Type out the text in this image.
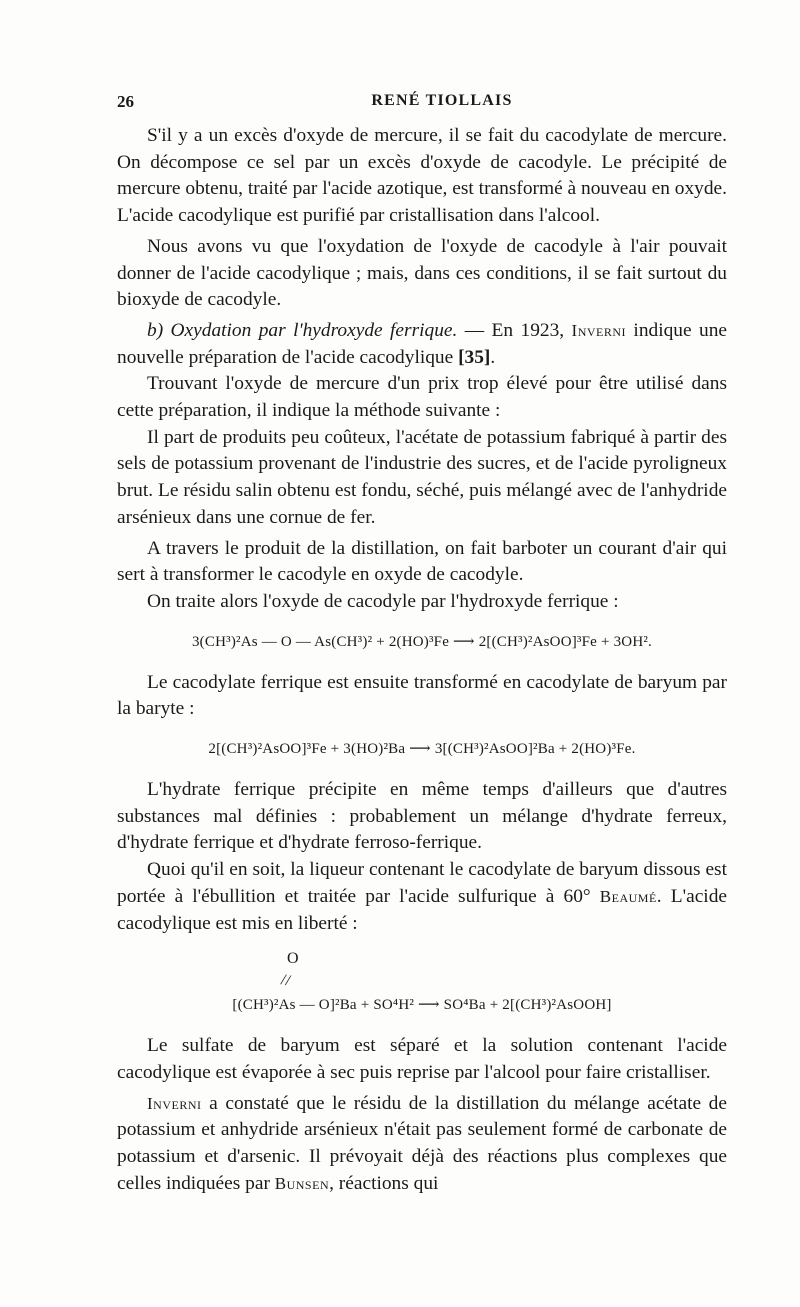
26	RENÉ TIOLLAIS

S'il y a un excès d'oxyde de mercure, il se fait du cacodylate de mercure. On décompose ce sel par un excès d'oxyde de cacodyle. Le précipité de mercure obtenu, traité par l'acide azotique, est transformé à nouveau en oxyde. L'acide cacodylique est purifié par cristallisation dans l'alcool.

Nous avons vu que l'oxydation de l'oxyde de cacodyle à l'air pouvait donner de l'acide cacodylique ; mais, dans ces conditions, il se fait surtout du bioxyde de cacodyle.

b) Oxydation par l'hydroxyde ferrique. — En 1923, Inverni indique une nouvelle préparation de l'acide cacodylique [35].

Trouvant l'oxyde de mercure d'un prix trop élevé pour être utilisé dans cette préparation, il indique la méthode suivante :

Il part de produits peu coûteux, l'acétate de potassium fabriqué à partir des sels de potassium provenant de l'industrie des sucres, et de l'acide pyroligneux brut. Le résidu salin obtenu est fondu, séché, puis mélangé avec de l'anhydride arsénieux dans une cornue de fer.

A travers le produit de la distillation, on fait barboter un courant d'air qui sert à transformer le cacodyle en oxyde de cacodyle.

On traite alors l'oxyde de cacodyle par l'hydroxyde ferrique :

3(CH³)²As — O — As(CH³)² + 2(HO)³Fe ⟶ 2[(CH³)²AsOO]³Fe + 3OH².

Le cacodylate ferrique est ensuite transformé en cacodylate de baryum par la baryte :

2[(CH³)²AsOO]³Fe + 3(HO)²Ba ⟶ 3[(CH³)²AsOO]²Ba + 2(HO)³Fe.

L'hydrate ferrique précipite en même temps d'ailleurs que d'autres substances mal définies : probablement un mélange d'hydrate ferreux, d'hydrate ferrique et d'hydrate ferroso-ferrique.

Quoi qu'il en soit, la liqueur contenant le cacodylate de baryum dissous est portée à l'ébullition et traitée par l'acide sulfurique à 60° Beaumé. L'acide cacodylique est mis en liberté :

O
//
[(CH³)²As — O]²Ba + SO⁴H² ⟶ SO⁴Ba + 2[(CH³)²AsOOH]

Le sulfate de baryum est séparé et la solution contenant l'acide cacodylique est évaporée à sec puis reprise par l'alcool pour faire cristalliser.

Inverni a constaté que le résidu de la distillation du mélange acétate de potassium et anhydride arsénieux n'était pas seulement formé de carbonate de potassium et d'arsenic. Il prévoyait déjà des réactions plus complexes que celles indiquées par Bunsen, réactions qui
